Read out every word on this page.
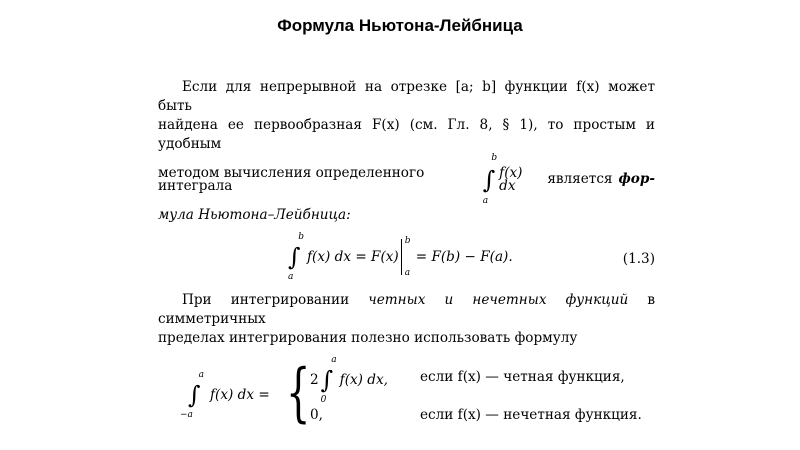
Формула Ньютона-Лейбница

Если для непрерывной на отрезке [a; b] функции f(x) может быть

найдена ее первообразная F(x) (см. Гл. 8, § 1), то простым и удобным

методом вычисления определенного интеграла	∫
b
a
f(x) dx	является фор-

мула Ньютона–Лейбница:

∫
b
a
f(x) dx = F(x)
b
a
= F(b) − F(a).	(1.3)

При интегрировании четных и нечетных функций в симметричных

пределах интегрирования полезно использовать формулу

∫
a
−a
f(x) dx = { 2 ∫
a
0
f(x) dx, если f(x) — четная функция,
0,	если f(x) — нечетная функция.
